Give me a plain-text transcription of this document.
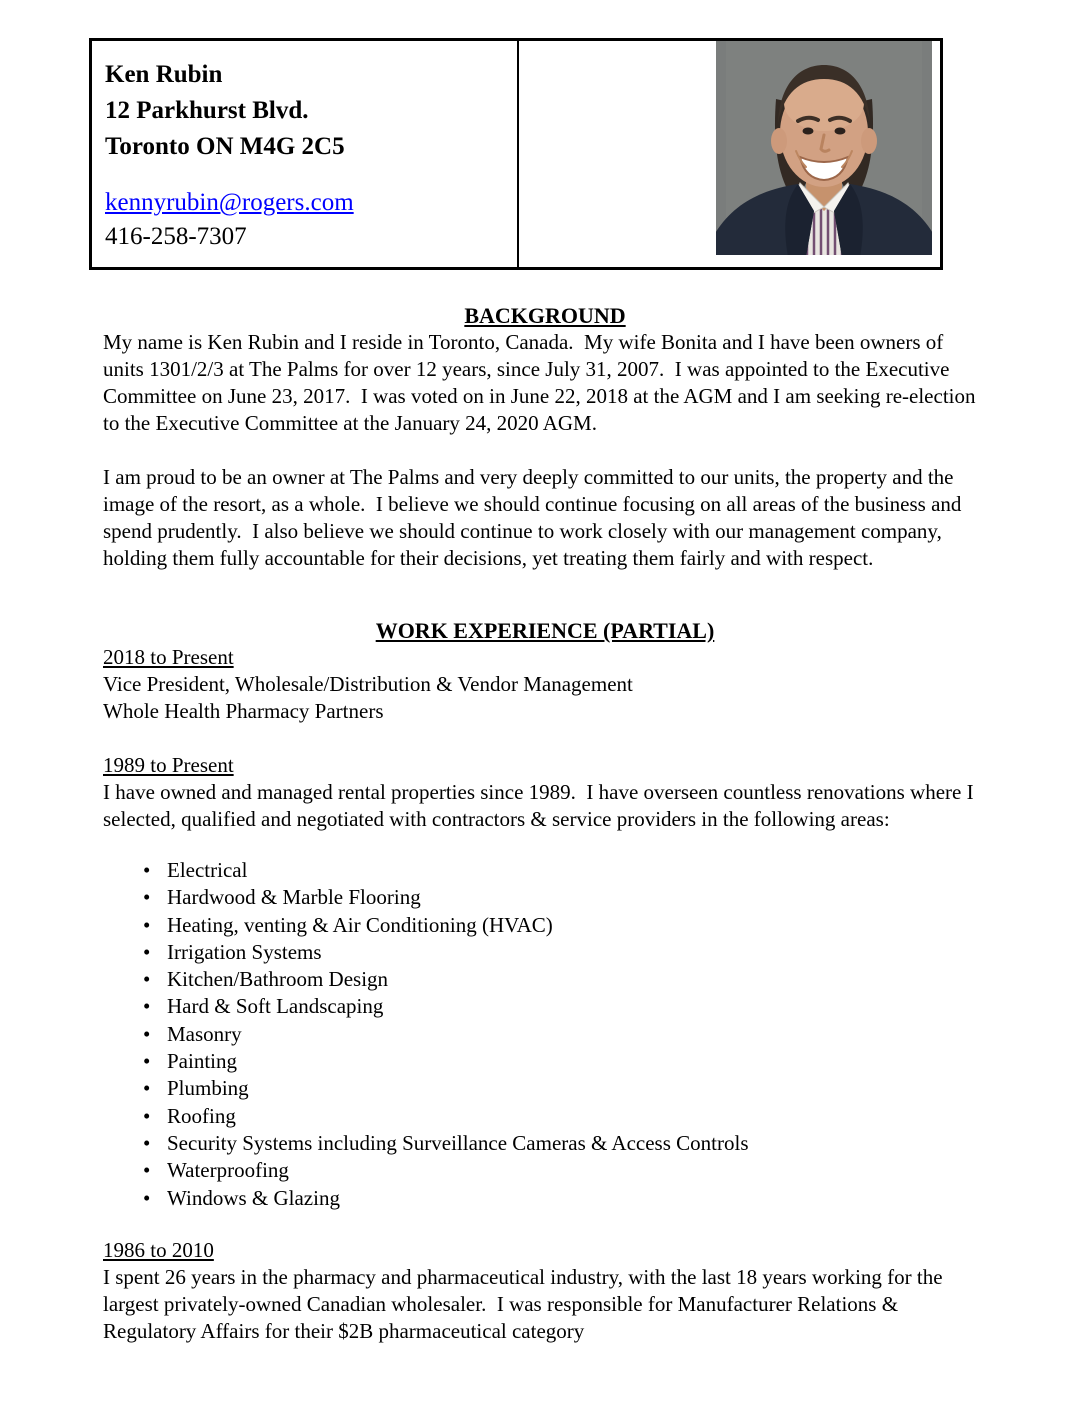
Ken Rubin
12 Parkhurst Blvd.
Toronto ON M4G 2C5
kennyrubin@rogers.com
416-258-7307
BACKGROUND

My name is Ken Rubin and I reside in Toronto, Canada.  My wife Bonita and I have been owners of units 1301/2/3 at The Palms for over 12 years, since July 31, 2007.  I was appointed to the Executive Committee on June 23, 2017.  I was voted on in June 22, 2018 at the AGM and I am seeking re-election to the Executive Committee at the January 24, 2020 AGM.

I am proud to be an owner at The Palms and very deeply committed to our units, the property and the image of the resort, as a whole.  I believe we should continue focusing on all areas of the business and spend prudently.  I also believe we should continue to work closely with our management company, holding them fully accountable for their decisions, yet treating them fairly and with respect.

WORK EXPERIENCE (PARTIAL)
2018 to Present
Vice President, Wholesale/Distribution & Vendor Management
Whole Health Pharmacy Partners
1989 to Present

I have owned and managed rental properties since 1989.  I have overseen countless renovations where I selected, qualified and negotiated with contractors & service providers in the following areas:

• Electrical
• Hardwood & Marble Flooring
• Heating, venting & Air Conditioning (HVAC)
• Irrigation Systems
• Kitchen/Bathroom Design
• Hard & Soft Landscaping
• Masonry
• Painting
• Plumbing
• Roofing
• Security Systems including Surveillance Cameras & Access Controls
• Waterproofing
• Windows & Glazing
1986 to 2010

I spent 26 years in the pharmacy and pharmaceutical industry, with the last 18 years working for the largest privately-owned Canadian wholesaler.  I was responsible for Manufacturer Relations & Regulatory Affairs for their $2B pharmaceutical category
